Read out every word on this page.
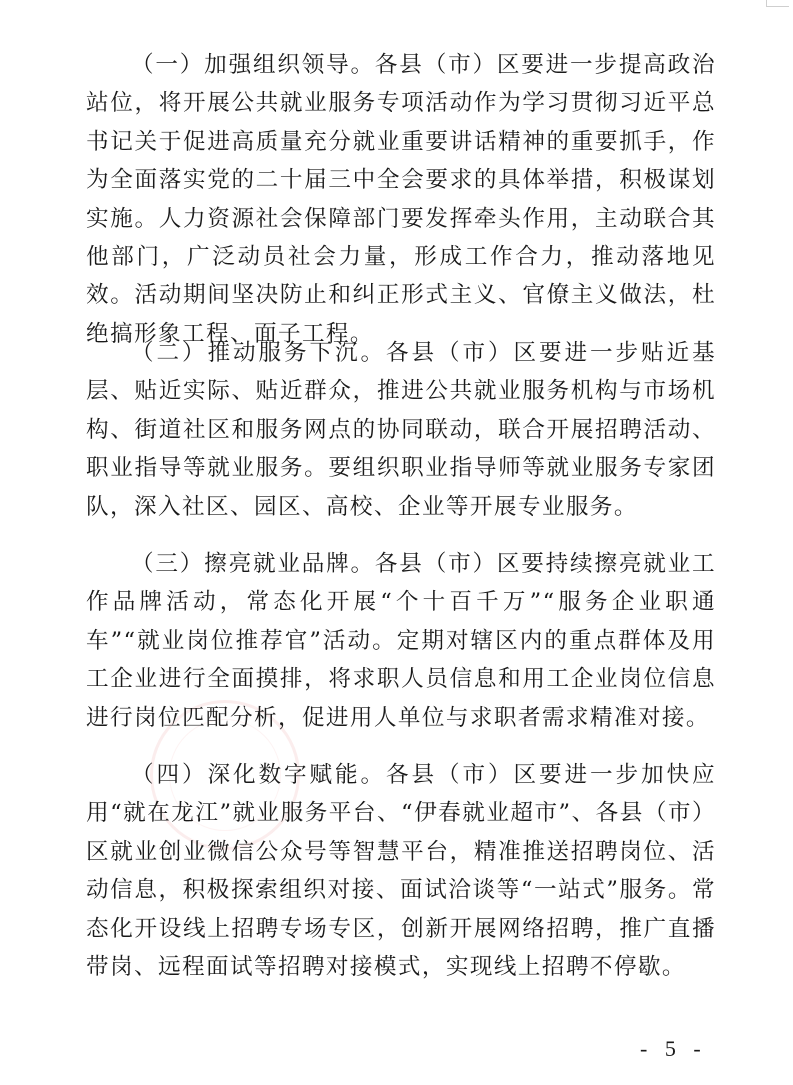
（一）加强组织领导。各县（市）区要进一步提高政治站位，将开展公共就业服务专项活动作为学习贯彻习近平总书记关于促进高质量充分就业重要讲话精神的重要抓手，作为全面落实党的二十届三中全会要求的具体举措，积极谋划实施。人力资源社会保障部门要发挥牵头作用，主动联合其他部门，广泛动员社会力量，形成工作合力，推动落地见效。活动期间坚决防止和纠正形式主义、官僚主义做法，杜绝搞形象工程、面子工程。

（二）推动服务下沉。各县（市）区要进一步贴近基层、贴近实际、贴近群众，推进公共就业服务机构与市场机构、街道社区和服务网点的协同联动，联合开展招聘活动、职业指导等就业服务。要组织职业指导师等就业服务专家团队，深入社区、园区、高校、企业等开展专业服务。

（三）擦亮就业品牌。各县（市）区要持续擦亮就业工作品牌活动，常态化开展“个十百千万”“服务企业职通车”“就业岗位推荐官”活动。定期对辖区内的重点群体及用工企业进行全面摸排，将求职人员信息和用工企业岗位信息进行岗位匹配分析，促进用人单位与求职者需求精准对接。

（四）深化数字赋能。各县（市）区要进一步加快应用“就在龙江”就业服务平台、“伊春就业超市”、各县（市）区就业创业微信公众号等智慧平台，精准推送招聘岗位、活动信息，积极探索组织对接、面试洽谈等“一站式”服务。常态化开设线上招聘专场专区，创新开展网络招聘，推广直播带岗、远程面试等招聘对接模式，实现线上招聘不停歇。

- 5 -
